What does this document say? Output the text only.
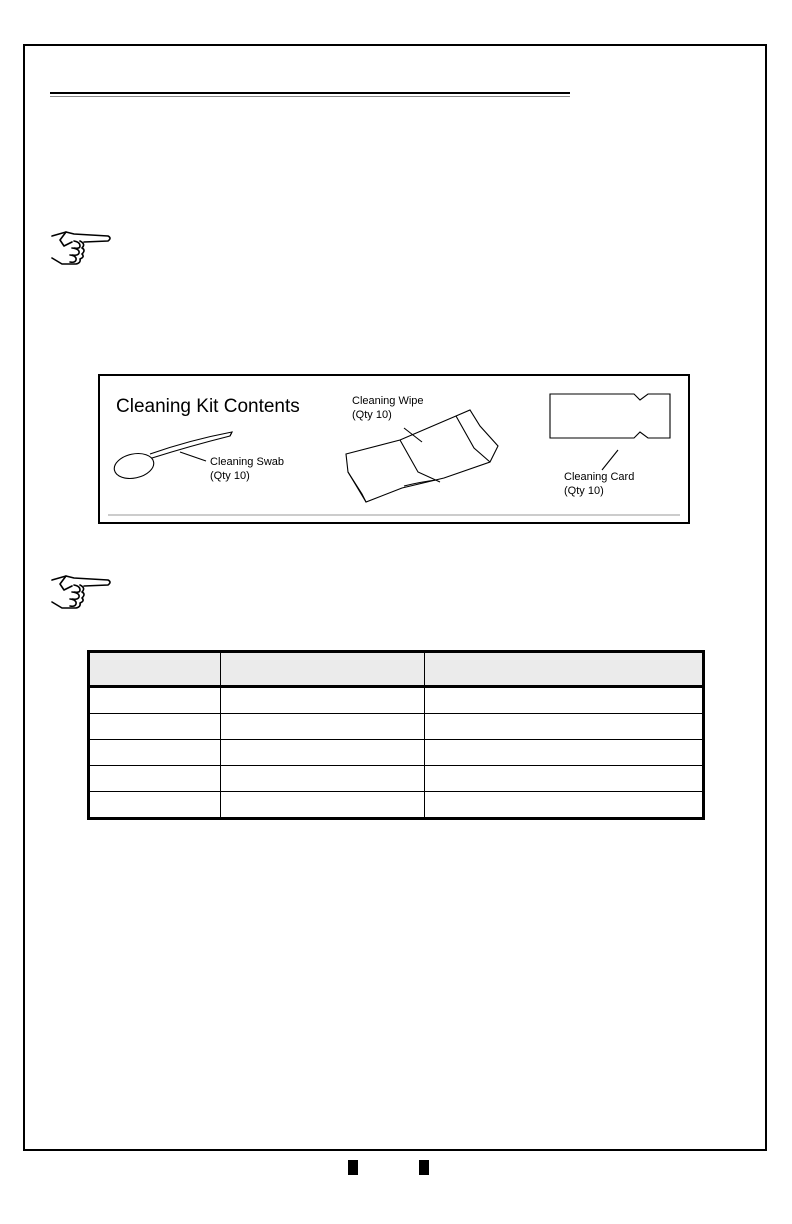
Cleaning Kit Contents
Cleaning Swab
(Qty 10)
Cleaning Wipe
(Qty 10)
Cleaning Card
(Qty 10)
